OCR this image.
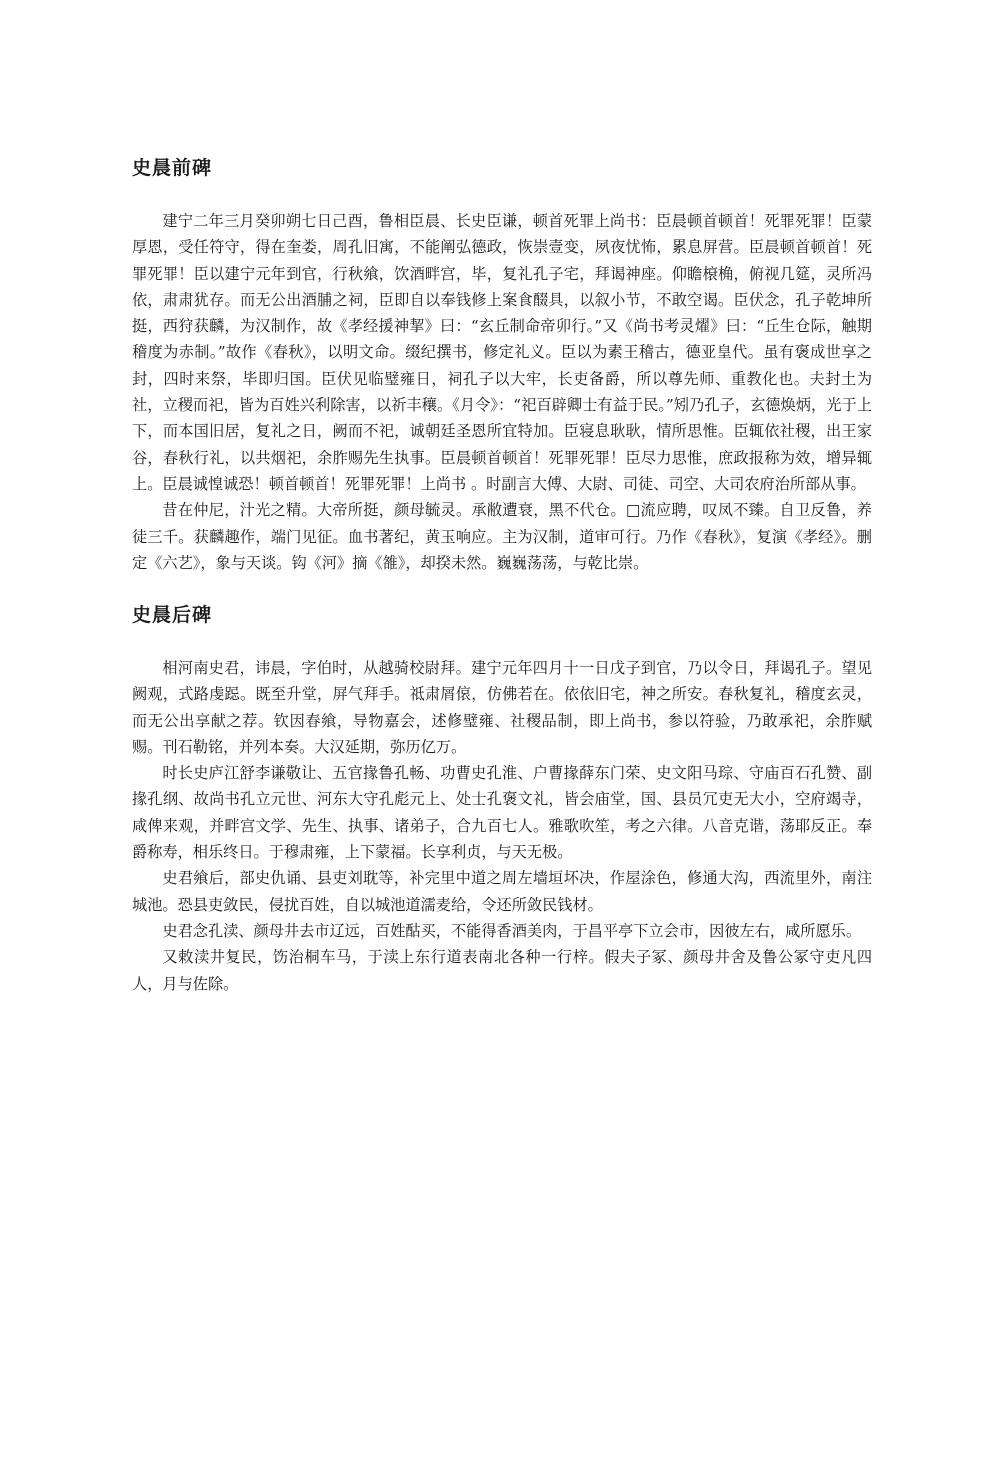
史晨前碑

建宁二年三月癸卯朔七日己酉，鲁相臣晨、长史臣谦，顿首死罪上尚书：臣晨顿首顿首！死罪死罪！臣蒙厚恩，受任符守，得在奎娄，周孔旧寓，不能阐弘德政，恢崇壹变，夙夜忧怖，累息屏营。臣晨顿首顿首！死罪死罪！臣以建宁元年到官，行秋飨，饮酒畔宫，毕，复礼孔子宅，拜谒神座。仰瞻榱桷，俯视几筵，灵所冯依，肃肃犹存。而无公出酒脯之祠，臣即自以奉钱修上案食醊具，以叙小节，不敢空谒。臣伏念，孔子乾坤所挺，西狩获麟，为汉制作，故《孝经援神挈》曰：“玄丘制命帝卯行。”又《尚书考灵燿》曰：“丘生仓际，触期稽度为赤制。”故作《春秋》，以明文命。缀纪撰书，修定礼义。臣以为素王稽古，德亚皇代。虽有褒成世享之封，四时来祭，毕即归国。臣伏见临璧雍日，祠孔子以大牢，长吏备爵，所以尊先师、重教化也。夫封土为社，立稷而祀，皆为百姓兴利除害，以祈丰穰。《月令》：“祀百辟卿士有益于民。”矧乃孔子，玄德焕炳，光于上下，而本国旧居，复礼之日，阙而不祀，诚朝廷圣恩所宜特加。臣寝息耿耿，情所思惟。臣辄依社稷，出王家谷，春秋行礼，以共烟祀，余胙赐先生执事。臣晨顿首顿首！死罪死罪！臣尽力思惟，庶政报称为效，增异辄上。臣晨诚惶诚恐！顿首顿首！死罪死罪！上尚书 。时副言大傅、大尉、司徒、司空、大司农府治所部从事。

昔在仲尼，汁光之精。大帝所挺，颜母毓灵。承敝遭衰，黑不代仓。□流应聘，叹凤不臻。自卫反鲁，养徒三千。获麟趣作，端门见征。血书著纪，黄玉响应。主为汉制，道审可行。乃作《春秋》，复演《孝经》。删定《六艺》，象与天谈。钩《河》摘《雒》，却揆未然。巍巍荡荡，与乾比崇。

史晨后碑

相河南史君，讳晨，字伯时，从越骑校尉拜。建宁元年四月十一日戊子到官，乃以令日，拜谒孔子。望见阙观，式路虔跽。既至升堂，屏气拜手。祗肃屑偯，仿佛若在。依依旧宅，神之所安。春秋复礼，稽度玄灵，而无公出享献之荐。钦因春飨，导物嘉会，述修璧雍、社稷品制，即上尚书，参以符验，乃敢承祀，余胙赋赐。刊石勒铭，并列本奏。大汉延期，弥历亿万。

时长史庐江舒李谦敬让、五官掾鲁孔畅、功曹史孔淮、户曹掾薛东门荣、史文阳马琮、守庙百石孔赞、副掾孔纲、故尚书孔立元世、河东大守孔彪元上、处士孔褒文礼，皆会庙堂，国、县员冗吏无大小，空府竭寺，咸俾来观，并畔宫文学、先生、执事、诸弟子，合九百七人。雅歌吹笙，考之六律。八音克谐，荡耶反正。奉爵称寿，相乐终日。于穆肃雍，上下蒙福。长享利贞，与天无极。

史君飨后，部史仇诵、县吏刘耽等，补完里中道之周左墙垣坏决，作屋涂色，修通大沟，西流里外，南注城池。恐县吏敛民，侵扰百姓，自以城池道濡麦给，令还所敛民钱材。

史君念孔渎、颜母井去市辽远，百姓酤买，不能得香酒美肉，于昌平亭下立会市，因彼左右，咸所愿乐。

又敕渎井复民，饬治桐车马，于渎上东行道表南北各种一行梓。假夫子冢、颜母井舍及鲁公冢守吏凡四人，月与佐除。
